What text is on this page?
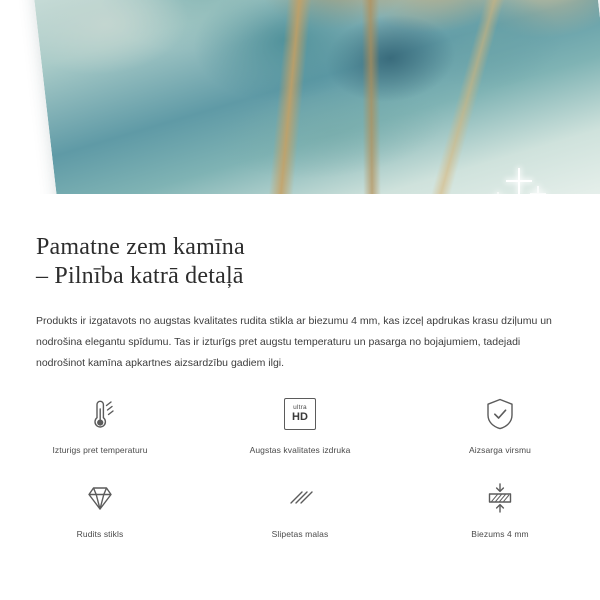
Pamatne zem kamīna
– Pilnība katrā detaļā

Produkts ir izgatavots no augstas kvalitates rudita stikla ar biezumu 4 mm, kas izceļ apdrukas krasu dziļumu un nodrošina elegantu spīdumu. Tas ir izturīgs pret augstu temperaturu un pasarga no bojajumiem, tadejadi nodrošinot kamīna apkartnes aizsardzību gadiem ilgi.

Izturigs pret temperaturu
ultra
HD
Augstas kvalitates izdruka	Aizsarga virsmu
Rudits stikls	Slipetas malas	Biezums 4 mm
